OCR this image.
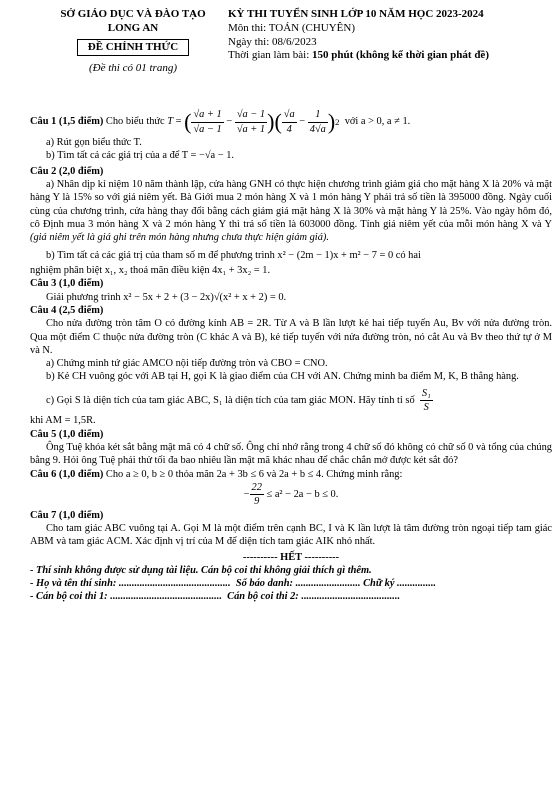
SỞ GIÁO DỤC VÀ ĐÀO TẠO
LONG AN
ĐỀ CHÍNH THỨC
(Đề thi có 01 trang)
KỲ THI TUYỂN SINH LỚP 10 NĂM HỌC 2023-2024
Môn thi: TOÁN (CHUYÊN)
Ngày thi: 08/6/2023
Thời gian làm bài: 150 phút (không kể thời gian phát đề)

Câu 1 (1,5 điểm)
Cho biểu thức
T = ( $\frac{√a + 1}{√a - 1} - \frac{√a - 1}{√a + 1}$ ) ( $\frac{√a}{4} - \frac{1}{4√a}$ ) 2
với a > 0, a ≠ 1.

a) Rút gọn biểu thức T.

b) Tìm tất cả các giá trị của a để T = −√a − 1.

Câu 2 (2,0 điểm)

a) Nhân dịp kỉ niệm 10 năm thành lập, cửa hàng GNH có thực hiện chương trình giảm giá cho mặt hàng X là 20% và mặt hàng Y là 15% so với giá niêm yết. Bà Giới mua 2 món hàng X và 1 món hàng Y phải trả số tiền là 395000 đồng. Ngày cuối cùng của chương trình, cửa hàng thay đổi bằng cách giảm giá mặt hàng X là 30% và mặt hàng Y là 25%. Vào ngày hôm đó, cô Định mua 3 món hàng X và 2 món hàng Y thì trả số tiền là 603000 đồng. Tính giá niêm yết của mỗi món hàng X và Y (giá niêm yết là giá ghi trên món hàng nhưng chưa thực hiện giảm giá).

b) Tìm tất cả các giá trị của tham số m để phương trình x² − (2m − 1)x + m² − 7 = 0 có hai

nghiệm phân biệt x₁, x₂ thoả mãn điều kiện 4x₁ + 3x₂ = 1.

Câu 3 (1,0 điểm)

Giải phương trình x² − 5x + 2 + (3 − 2x)√(x² + x + 2) = 0.

Câu 4 (2,5 điểm)

Cho nửa đường tròn tâm O có đường kính AB = 2R. Từ A và B lần lượt kẻ hai tiếp tuyến Au, Bv với nửa đường tròn. Qua một điểm C thuộc nửa đường tròn (C khác A và B), kẻ tiếp tuyến với nửa đường tròn, nó cắt Au và Bv theo thứ tự ở M và N.

a) Chứng minh tứ giác AMCO nội tiếp đường tròn và CBO = CNO.

b) Kẻ CH vuông góc với AB tại H, gọi K là giao điểm của CH với AN. Chứng minh ba điểm M, K, B thẳng hàng.

c) Gọi S là diện tích của tam giác ABC, S₁ là diện tích của tam giác MON. Hãy tính tỉ số $\frac{\text{S₁}}{S}$

khi AM = 1,5R.

Câu 5 (1,0 điểm)

Ông Tuệ khóa két sắt bằng mật mã có 4 chữ số. Ông chỉ nhớ rằng trong 4 chữ số đó không có chữ số 0 và tổng của chúng bằng 9. Hỏi ông Tuệ phải thử tối đa bao nhiêu lần mật mã khác nhau để chắc chắn mở được két sắt đó?

Câu 6 (1,0 điểm) Cho a ≥ 0, b ≥ 0 thỏa mãn 2a + 3b ≤ 6 và 2a + b ≤ 4. Chứng minh rằng:

− $\frac{22}{9} \le a^2 - 2a - b \le 0$.

Câu 7 (1,0 điểm)

Cho tam giác ABC vuông tại A. Gọi M là một điểm trên cạnh BC, I và K lần lượt là tâm đường tròn ngoại tiếp tam giác ABM và tam giác ACM. Xác định vị trí của M để diện tích tam giác AIK nhỏ nhất.

---------- HẾT ----------

- Thí sinh không được sử dụng tài liệu. Cán bộ coi thi không giải thích gì thêm.

- Họ và tên thí sinh: ........................................... Số báo danh: ......................... Chữ ký ...............

- Cán bộ coi thi 1: ........................................... Cán bộ coi thi 2: ......................................
